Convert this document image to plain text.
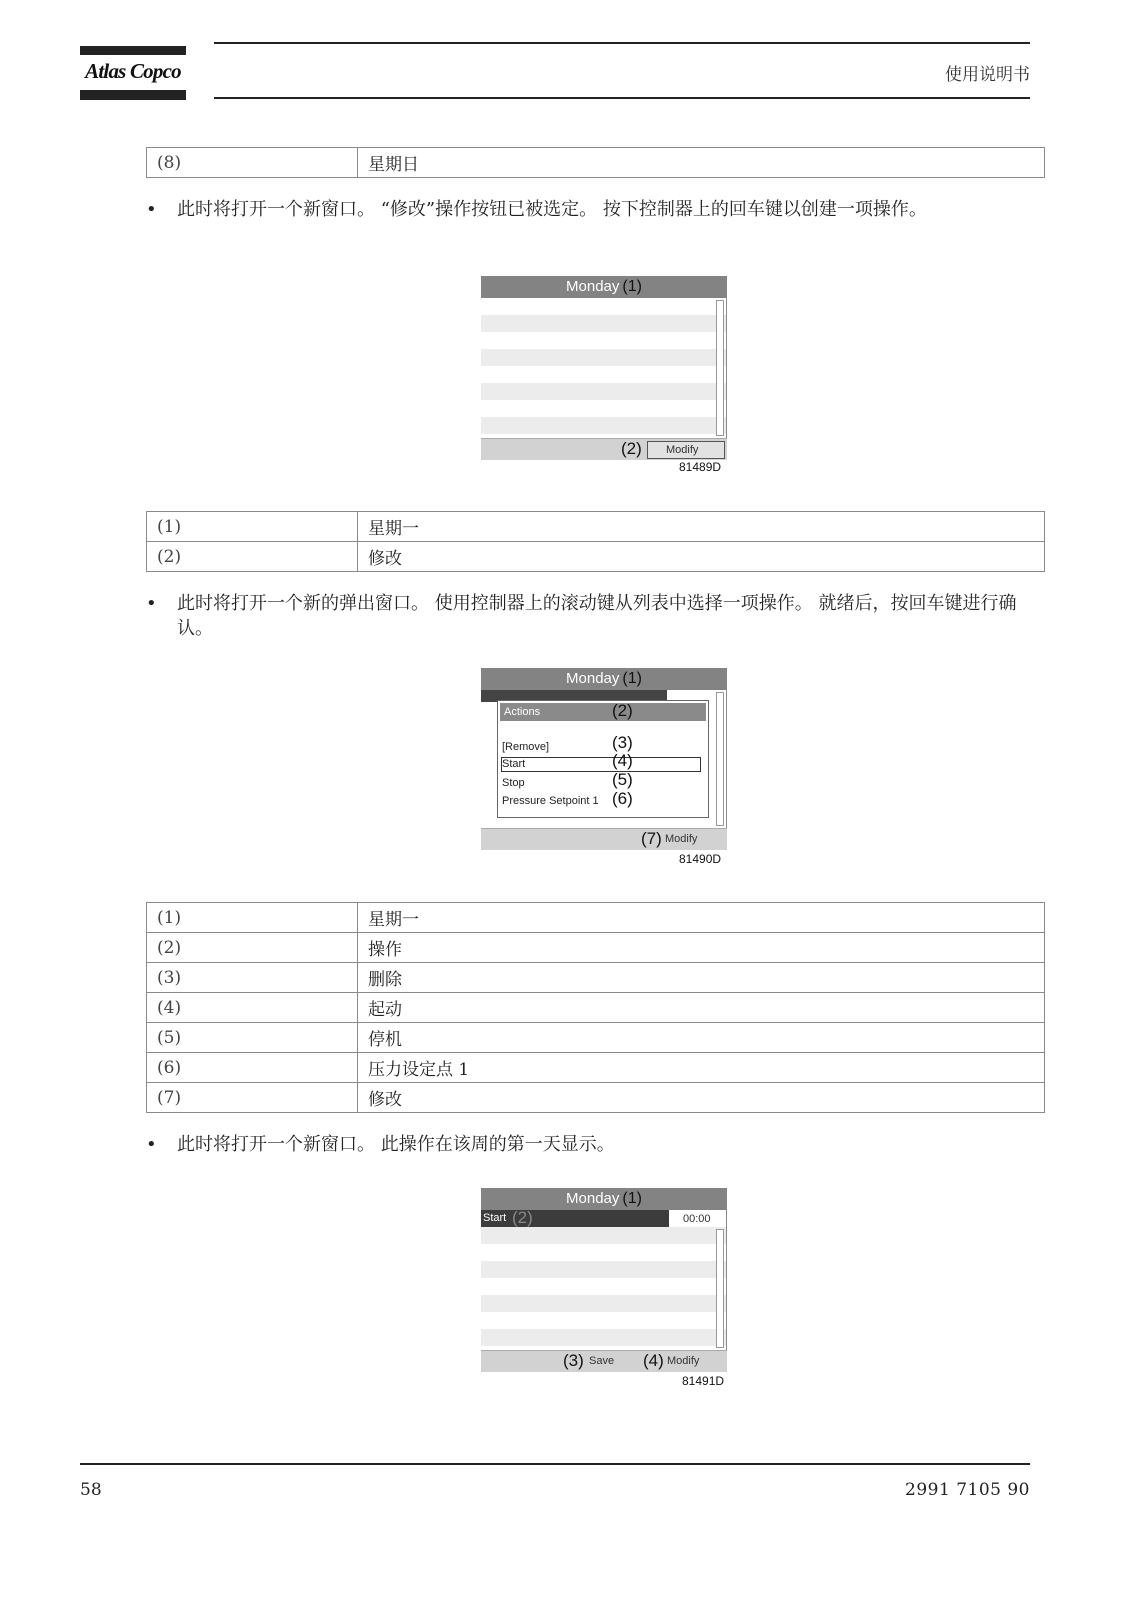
Atlas Copco	使用说明书
(8)	星期日
• 此时将打开一个新窗口。 “修改”操作按钮已被选定。 按下控制器上的回车键以创建一项操作。
Monday (1)
(2)	Modify
81489D
(1)	星期一
(2)	修改
• 此时将打开一个新的弹出窗口。 使用控制器上的滚动键从列表中选择一项操作。 就绪后，按回车键进行确认。
Monday (1)
Actions	(2)
[Remove]	(3)
Start	(4)
Stop	(5)
Pressure Setpoint 1 (6)
(7) Modify
81490D
(1)	星期一
(2)	操作
(3)	删除
(4)	起动
(5)	停机
(6)	压力设定点 1
(7)	修改
• 此时将打开一个新窗口。 此操作在该周的第一天显示。
Monday (1)
Start (2)	00:00
(3) Save (4) Modify
81491D
58	2991 7105 90
